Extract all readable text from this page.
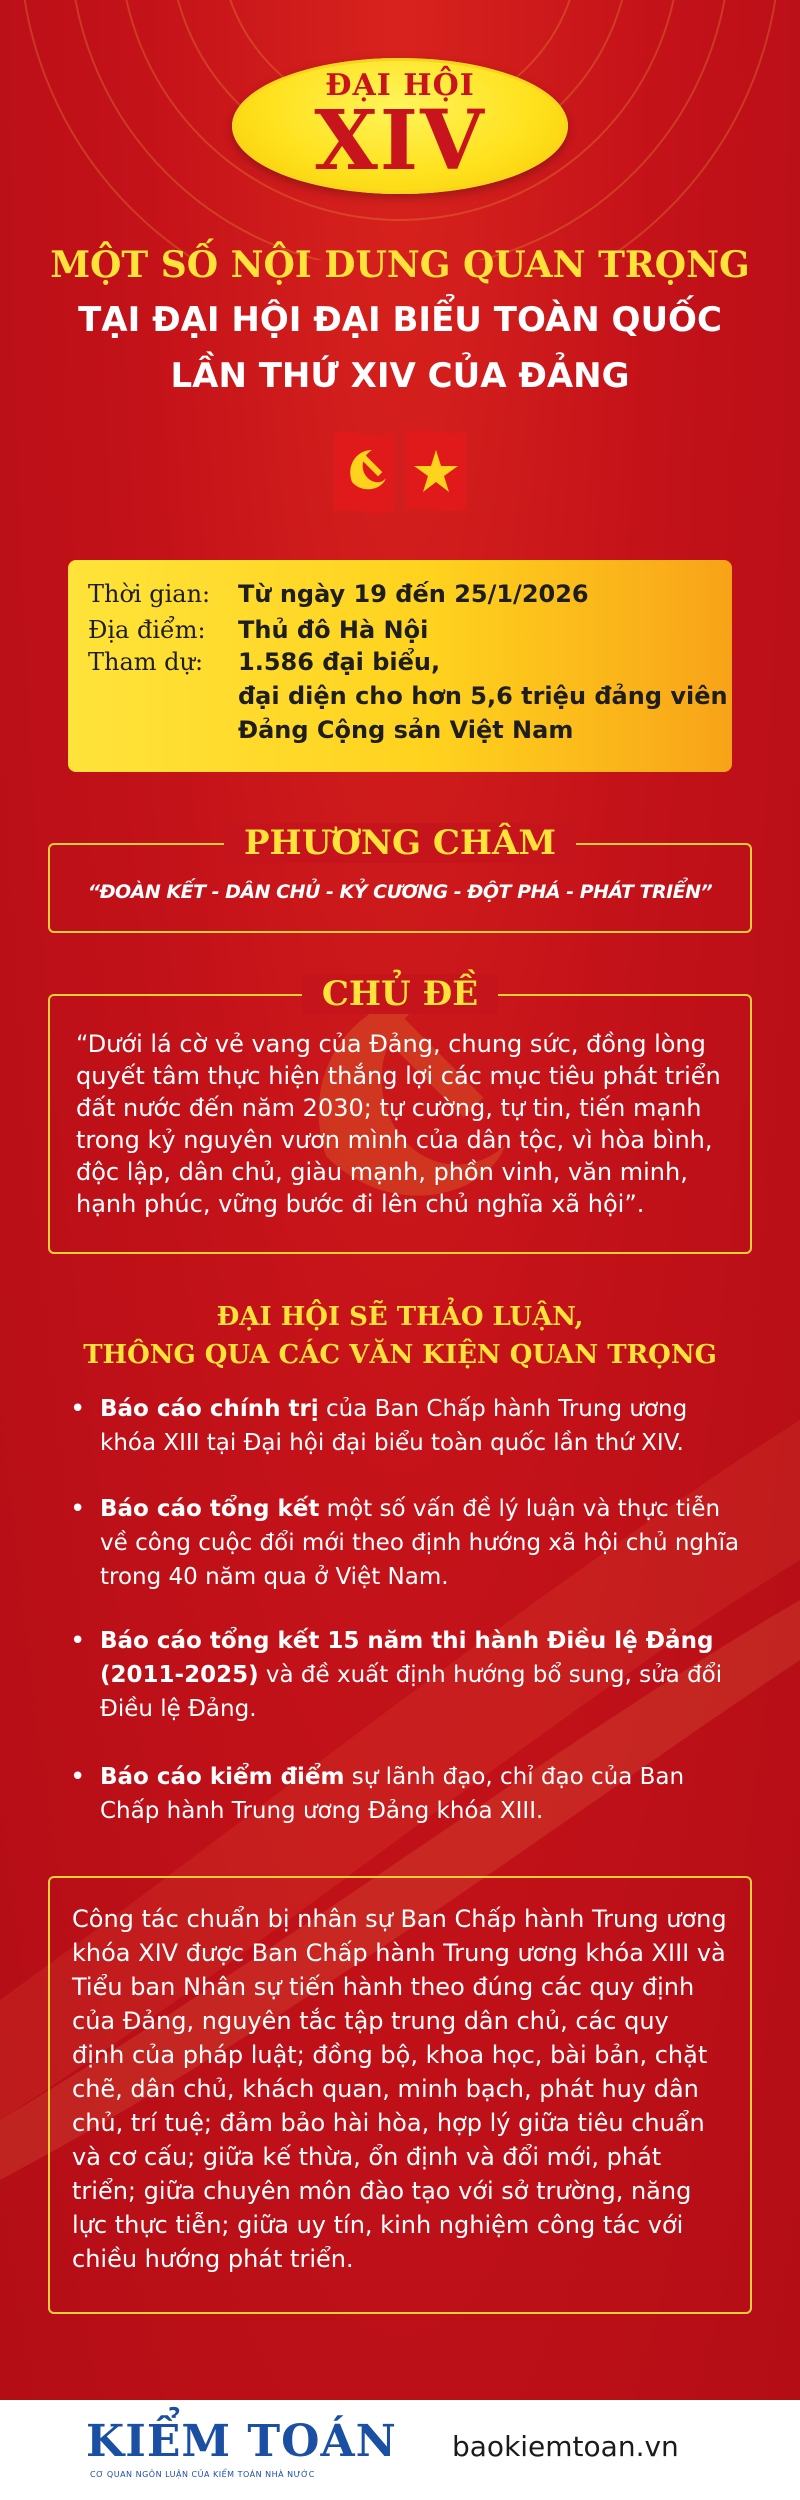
ĐẠI HỘI
XIV
MỘT SỐ NỘI DUNG QUAN TRỌNG
TẠI ĐẠI HỘI ĐẠI BIỂU TOÀN QUỐC
LẦN THỨ XIV CỦA ĐẢNG
Thời gian:	Từ ngày 19 đến 25/1/2026
Địa điểm:	Thủ đô Hà Nội
Tham dự:	1.586 đại biểu,
đại diện cho hơn 5,6 triệu đảng viên
Đảng Cộng sản Việt Nam
PHƯƠNG CHÂM
“ĐOÀN KẾT - DÂN CHỦ - KỶ CƯƠNG - ĐỘT PHÁ - PHÁT TRIỂN”
CHỦ ĐỀ
“Dưới lá cờ vẻ vang của Đảng, chung sức, đồng lòng quyết tâm thực hiện thắng lợi các mục tiêu phát triển đất nước đến năm 2030; tự cường, tự tin, tiến mạnh trong kỷ nguyên vươn mình của dân tộc, vì hòa bình, độc lập, dân chủ, giàu mạnh, phồn vinh, văn minh, hạnh phúc, vững bước đi lên chủ nghĩa xã hội”.
ĐẠI HỘI SẼ THẢO LUẬN,
THÔNG QUA CÁC VĂN KIỆN QUAN TRỌNG
• Báo cáo chính trị của Ban Chấp hành Trung ương khóa XIII tại Đại hội đại biểu toàn quốc lần thứ XIV.
• Báo cáo tổng kết một số vấn đề lý luận và thực tiễn về công cuộc đổi mới theo định hướng xã hội chủ nghĩa trong 40 năm qua ở Việt Nam.
• Báo cáo tổng kết 15 năm thi hành Điều lệ Đảng (2011-2025) và đề xuất định hướng bổ sung, sửa đổi Điều lệ Đảng.
• Báo cáo kiểm điểm sự lãnh đạo, chỉ đạo của Ban Chấp hành Trung ương Đảng khóa XIII.
Công tác chuẩn bị nhân sự Ban Chấp hành Trung ương khóa XIV được Ban Chấp hành Trung ương khóa XIII và Tiểu ban Nhân sự tiến hành theo đúng các quy định của Đảng, nguyên tắc tập trung dân chủ, các quy định của pháp luật; đồng bộ, khoa học, bài bản, chặt chẽ, dân chủ, khách quan, minh bạch, phát huy dân chủ, trí tuệ; đảm bảo hài hòa, hợp lý giữa tiêu chuẩn và cơ cấu; giữa kế thừa, ổn định và đổi mới, phát triển; giữa chuyên môn đào tạo với sở trường, năng lực thực tiễn; giữa uy tín, kinh nghiệm công tác với chiều hướng phát triển.
KIỂM TOÁN
CƠ QUAN NGÔN LUẬN CỦA KIỂM TOÁN NHÀ NƯỚC
baokiemtoan.vn
